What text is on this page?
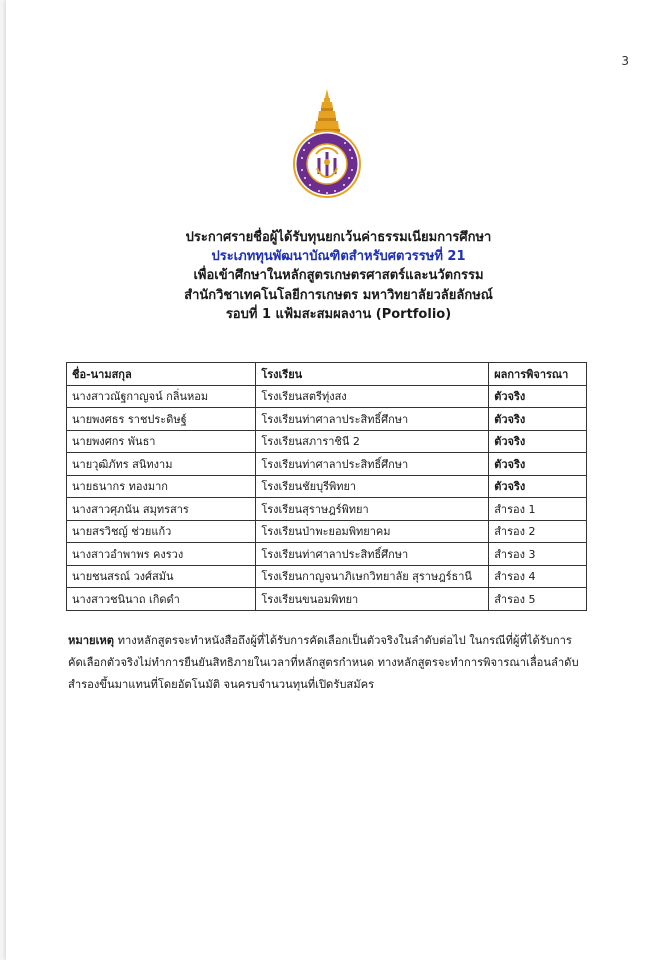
3
ประกาศรายชื่อผู้ได้รับทุนยกเว้นค่าธรรมเนียมการศึกษา
ประเภททุนพัฒนาบัณฑิตสำหรับศตวรรษที่ 21
เพื่อเข้าศึกษาในหลักสูตรเกษตรศาสตร์และนวัตกรรม
สำนักวิชาเทคโนโลยีการเกษตร มหาวิทยาลัยวลัยลักษณ์
รอบที่ 1 แฟ้มสะสมผลงาน (Portfolio)
ชื่อ-นามสกุล	โรงเรียน	ผลการพิจารณา
นางสาวณัฐกาญจน์ กลิ่นหอม	โรงเรียนสตรีทุ่งสง	ตัวจริง
นายพงศธร ราชประดิษฐ์	โรงเรียนท่าศาลาประสิทธิ์ศึกษา	ตัวจริง
นายพงศกร พันธา	โรงเรียนสภาราชินี 2	ตัวจริง
นายวุฒิภัทร สนิทงาม	โรงเรียนท่าศาลาประสิทธิ์ศึกษา	ตัวจริง
นายธนากร ทองมาก	โรงเรียนชัยบุรีพิทยา	ตัวจริง
นางสาวศุภนัน สมุทรสาร	โรงเรียนสุราษฎร์พิทยา	สำรอง 1
นายสรวิชญ์ ช่วยแก้ว	โรงเรียนป่าพะยอมพิทยาคม	สำรอง 2
นางสาวอำพาพร คงรวง	โรงเรียนท่าศาลาประสิทธิ์ศึกษา	สำรอง 3
นายชนสรณ์ วงศ์สมัน	โรงเรียนกาญจนาภิเษกวิทยาลัย สุราษฎร์ธานี	สำรอง 4
นางสาวชนินาถ เกิดดำ	โรงเรียนขนอมพิทยา	สำรอง 5
หมายเหตุ ทางหลักสูตรจะทำหนังสือถึงผู้ที่ได้รับการคัดเลือกเป็นตัวจริงในลำดับต่อไป ในกรณีที่ผู้ที่ได้รับการ
คัดเลือกตัวจริงไม่ทำการยืนยันสิทธิภายในเวลาที่หลักสูตรกำหนด ทางหลักสูตรจะทำการพิจารณาเลื่อนลำดับ
สำรองขึ้นมาแทนที่โดยอัตโนมัติ จนครบจำนวนทุนที่เปิดรับสมัคร
